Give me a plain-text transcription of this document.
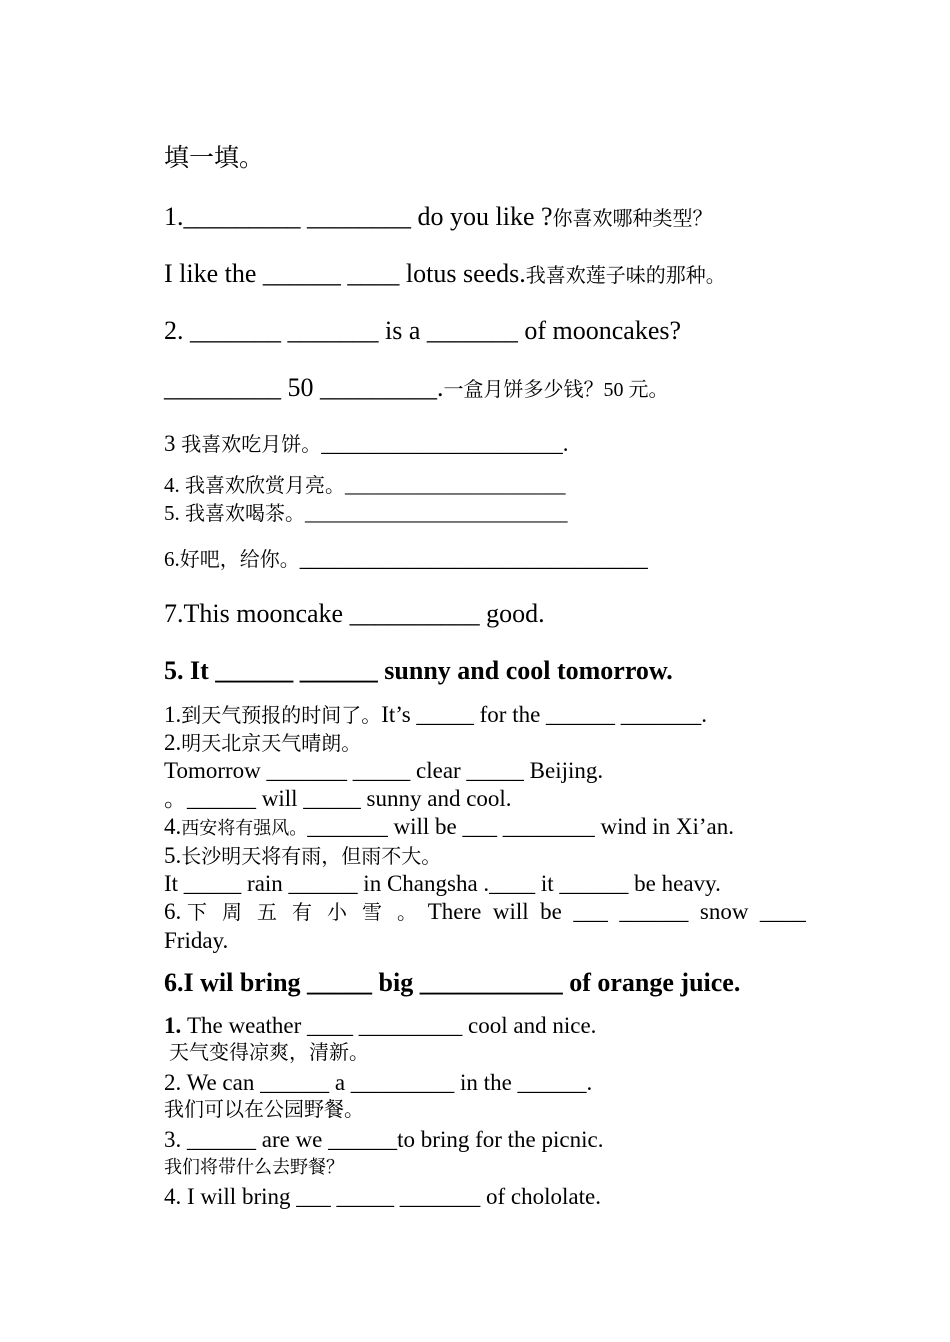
填一填。
1._________ ________ do you like ?你喜欢哪种类型？
I like the ______ ____ lotus seeds.我喜欢莲子味的那种。
2. _______ _______ is a _______ of mooncakes?
_________ 50 _________.一盒月饼多少钱？50 元。
3 我喜欢吃月饼。_____________________.
4. 我喜欢欣赏月亮。_____________________
5. 我喜欢喝茶。_________________________
6.好吧，给你。_____________________________
7.This mooncake __________ good.
5. It ______ ______ sunny and cool tomorrow.
1.到天气预报的时间了。It’s _____ for the ______ _______.
2.明天北京天气晴朗。
Tomorrow _______ _____ clear _____ Beijing.
。______ will _____ sunny and cool.
4.西安将有强风。_______ will be ___ ________ wind in Xi’an.
5.长沙明天将有雨，但雨不大。
It _____ rain ______ in Changsha .____ it ______ be heavy.
6. 下 周 五 有 小 雪 。 There  will  be  ___  ______  snow  ____
Friday.
6.I wil bring _____ big ___________ of orange juice.
1. The weather ____ _________ cool and nice.
天气变得凉爽，清新。
2. We can ______ a _________ in the ______.
我们可以在公园野餐。
3. ______ are we ______to bring for the picnic.
我们将带什么去野餐？
4. I will bring ___ _____ _______ of chololate.
